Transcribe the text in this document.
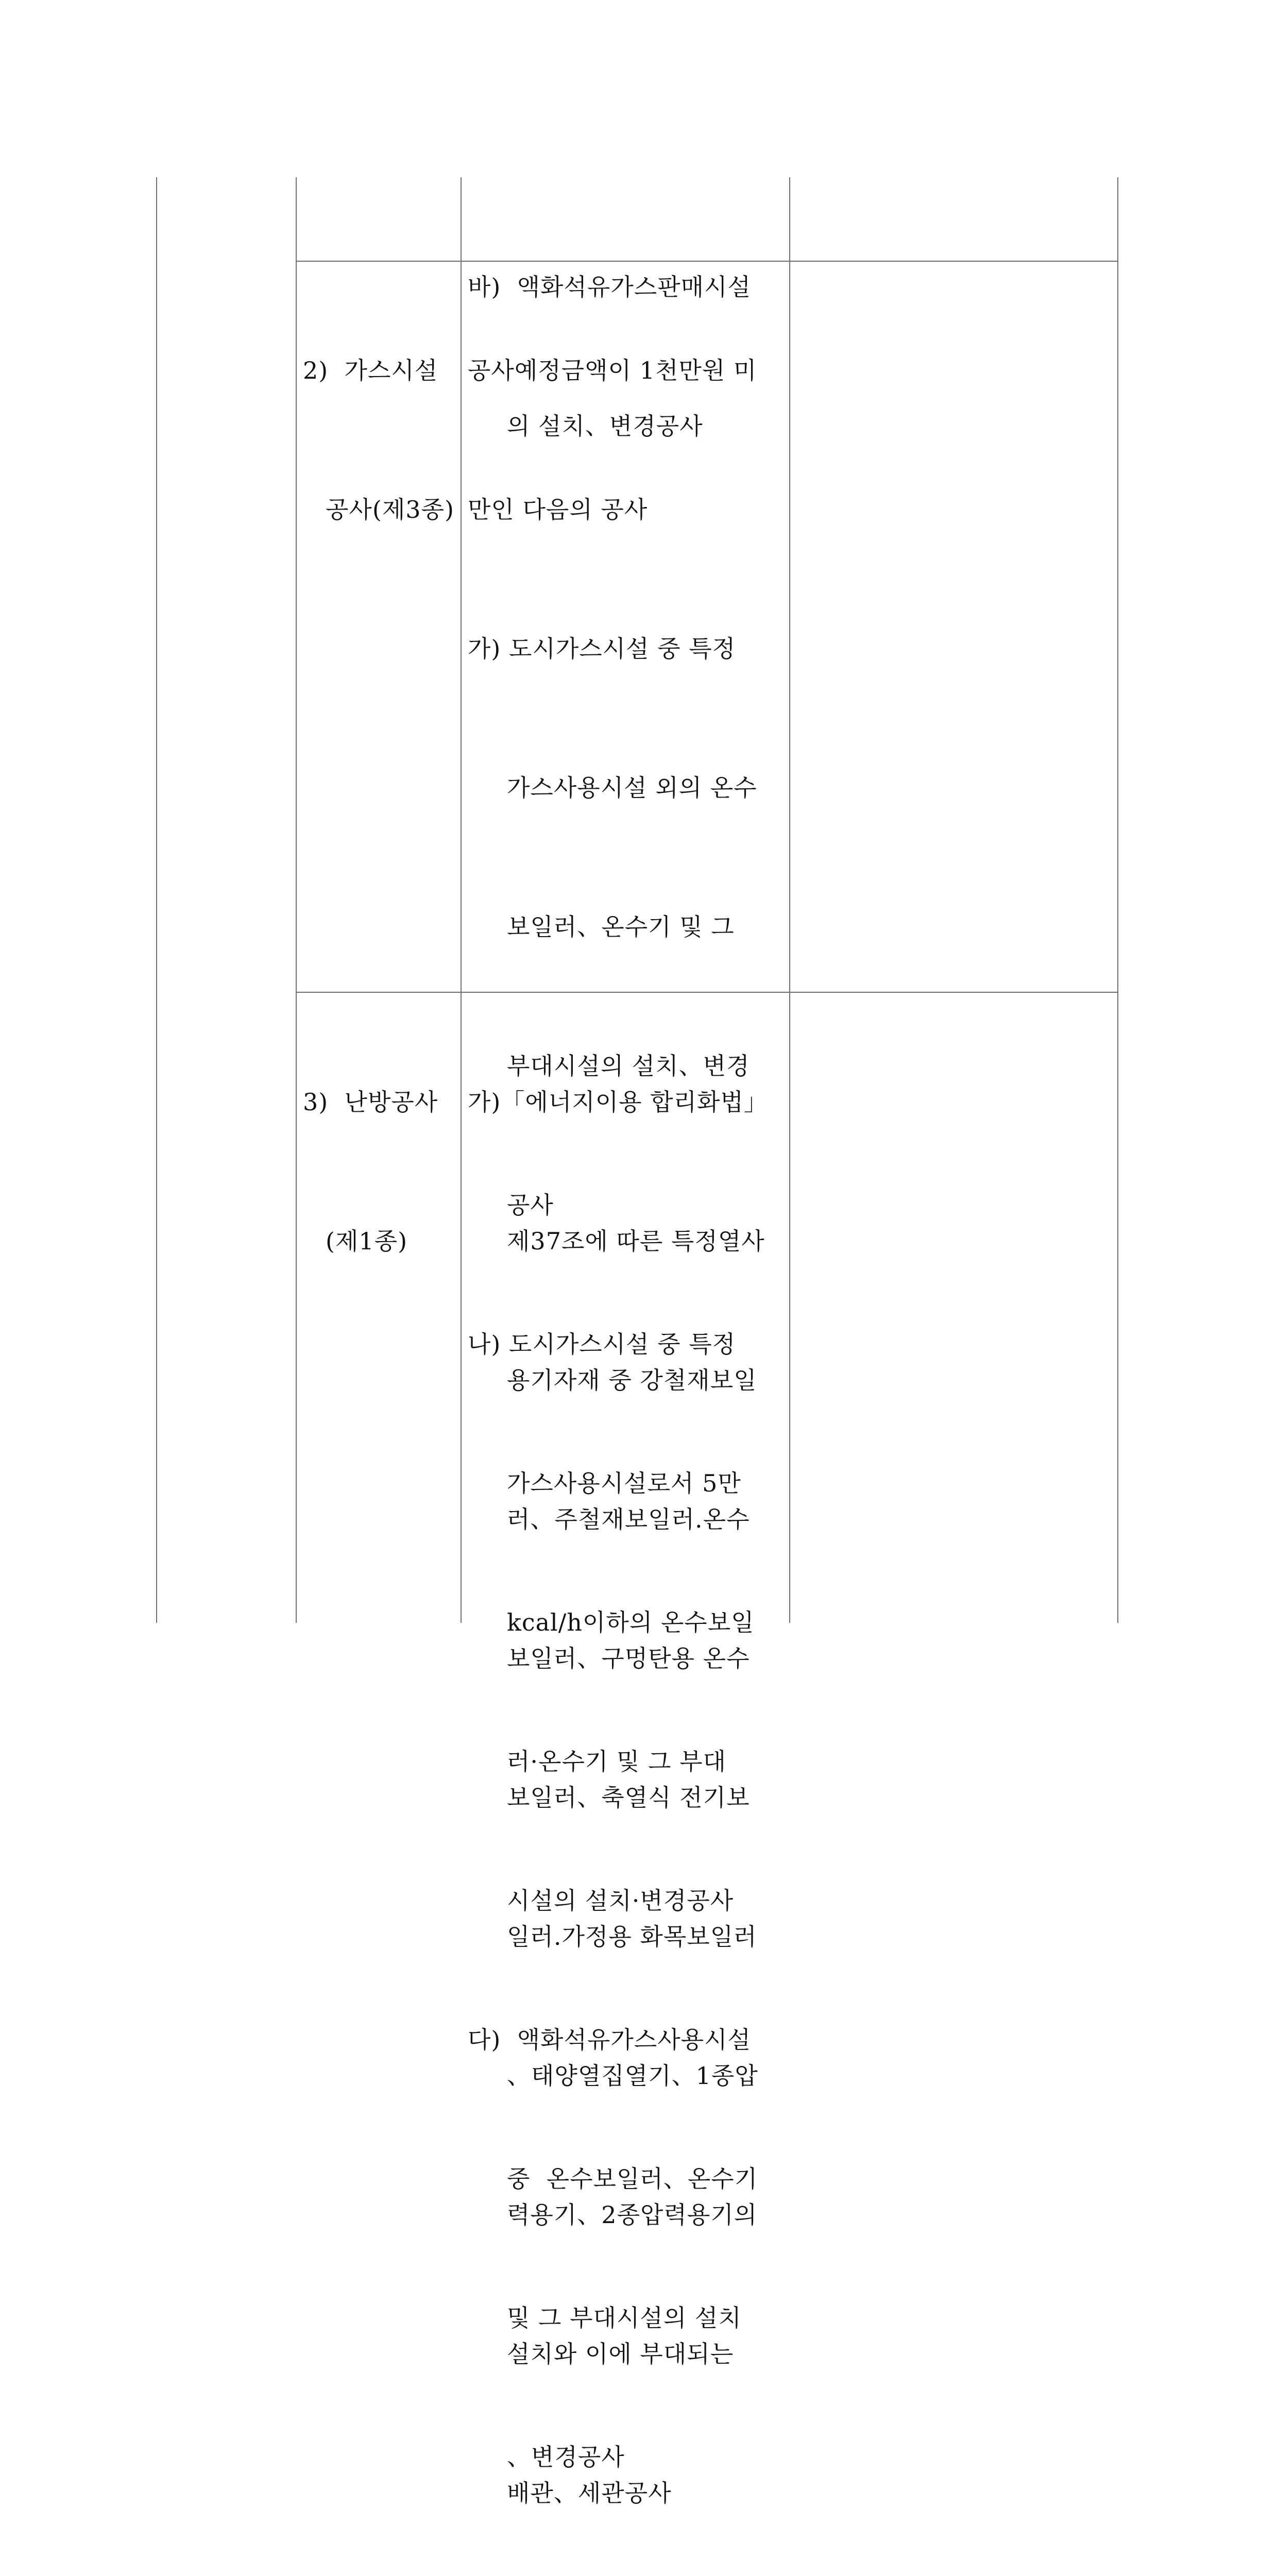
바)  액화석유가스판매시설

의 설치、변경공사

2)  가스시설

공사(제3종)

공사예정금액이 1천만원 미

만인 다음의 공사

가) 도시가스시설 중 특정

가스사용시설 외의 온수

보일러、온수기 및 그

부대시설의 설치、변경

공사

나) 도시가스시설 중 특정

가스사용시설로서 5만

kcal/h이하의 온수보일

러·온수기 및 그 부대

시설의 설치·변경공사

다)  액화석유가스사용시설

중  온수보일러、온수기

및 그 부대시설의 설치

、변경공사

3)  난방공사

(제1종)

가)「에너지이용 합리화법」

제37조에 따른 특정열사

용기자재 중 강철재보일

러、주철재보일러.온수

보일러、구멍탄용 온수

보일러、축열식 전기보

일러.가정용 화목보일러

、태양열집열기、1종압

력용기、2종압력용기의

설치와 이에 부대되는

배관、세관공사
